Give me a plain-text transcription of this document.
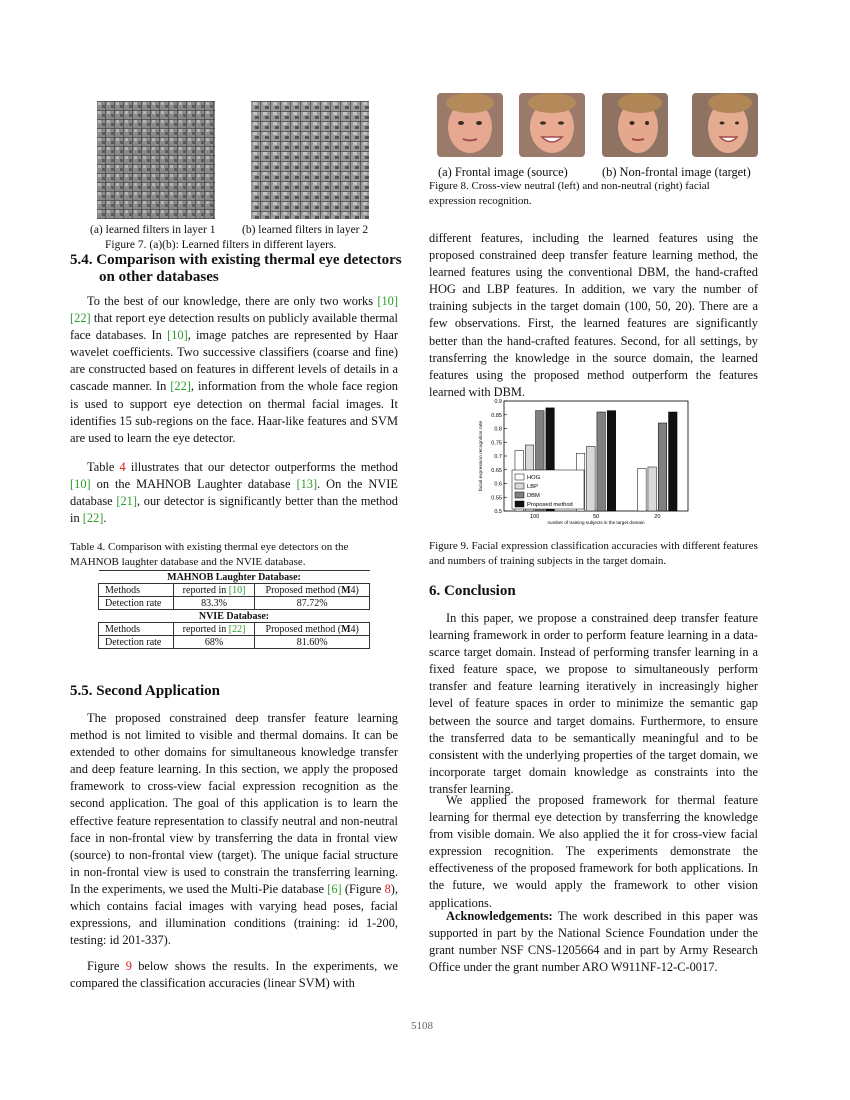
(a) learned filters in layer 1 (b) learned filters in layer 2

Figure 7. (a)(b): Learned filters in different layers.

5.4. Comparison with existing thermal eye detectors

on other databases

To the best of our knowledge, there are only two works [10][22] that report eye detection results on publicly available thermal face databases. In [10], image patches are represented by Haar wavelet coefficients. Two successive classifiers (coarse and fine) are constructed based on features in different levels of details in a cascade manner. In [22], information from the whole face region is used to support eye detection on thermal facial images. It identifies 15 sub-regions on the face. Haar-like features and SVM are used to learn the eye detector.

Table 4 illustrates that our detector outperforms the method [10] on the MAHNOB Laughter database [13]. On the NVIE database [21], our detector is significantly better than the method in [22].

Table 4. Comparison with existing thermal eye detectors on the MAHNOB laughter database and the NVIE database.

MAHNOB Laughter Database:		
Methods	reported in [10]	Proposed method (M4)
Detection rate	83.3%	87.72%
NVIE Database:		
Methods	reported in [22]	Proposed method (M4)
Detection rate	68%	81.60%

5.5. Second Application

The proposed constrained deep transfer feature learning method is not limited to visible and thermal domains. It can be extended to other domains for simultaneous knowledge transfer and deep feature learning. In this section, we apply the proposed framework to cross-view facial expression recognition as the second application. The goal of this application is to learn the effective feature representation to classify neutral and non-neutral face in non-frontal view by transferring the data in frontal view (source) to non-frontal view (target). The unique facial structure in non-frontal view is used to constrain the transferring learning. In the experiments, we used the Multi-Pie database [6] (Figure 8), which contains facial images with varying head poses, facial expressions, and illumination conditions (training: id 1-200, testing: id 201-337).

Figure 9 below shows the results. In the experiments, we compared the classification accuracies (linear SVM) with

(a) Frontal image (source)	(b) Non-frontal image (target)

Figure 8. Cross-view neutral (left) and non-neutral (right) facial expression recognition.

different features, including the learned features using the proposed constrained deep transfer feature learning method, the learned features using the conventional DBM, the hand-crafted HOG and LBP features. In addition, we vary the number of training subjects in the target domain (100, 50, 20). There are a few observations. First, the learned features are significantly better than the hand-crafted features. Second, for all settings, by transferring the knowledge in the source domain, the learned features using the proposed method outperform the features learned with DBM.

0.5
0.55
0.6
0.65
0.7
0.75
0.8
0.85
0.9
100	50	20
number of training subjects in the target domain
facial expression recognition rate	HOG
LBP
DBM
Proposed method

Figure 9. Facial expression classification accuracies with different features and numbers of training subjects in the target domain.

6. Conclusion

In this paper, we propose a constrained deep transfer feature learning framework in order to perform feature learning in a data-scarce target domain. Instead of performing transfer learning in a fixed feature space, we propose to simultaneously perform transfer and feature learning iteratively in increasingly higher level of feature spaces in order to minimize the semantic gap between the source and target domains. Furthermore, to ensure the transferred data to be semantically meaningful and to be consistent with the underlying properties of the target domain, we incorporate target domain knowledge as constraints into the transfer learning.

We applied the proposed framework for thermal feature learning for thermal eye detection by transferring the knowledge from visible domain. We also applied the it for cross-view facial expression recognition. The experiments demonstrate the effectiveness of the proposed framework for both applications. In the future, we would apply the framework to other vision applications.

Acknowledgements: The work described in this paper was supported in part by the National Science Foundation under the grant number NSF CNS-1205664 and in part by Army Research Office under the grant number ARO W911NF-12-C-0017.

5108
